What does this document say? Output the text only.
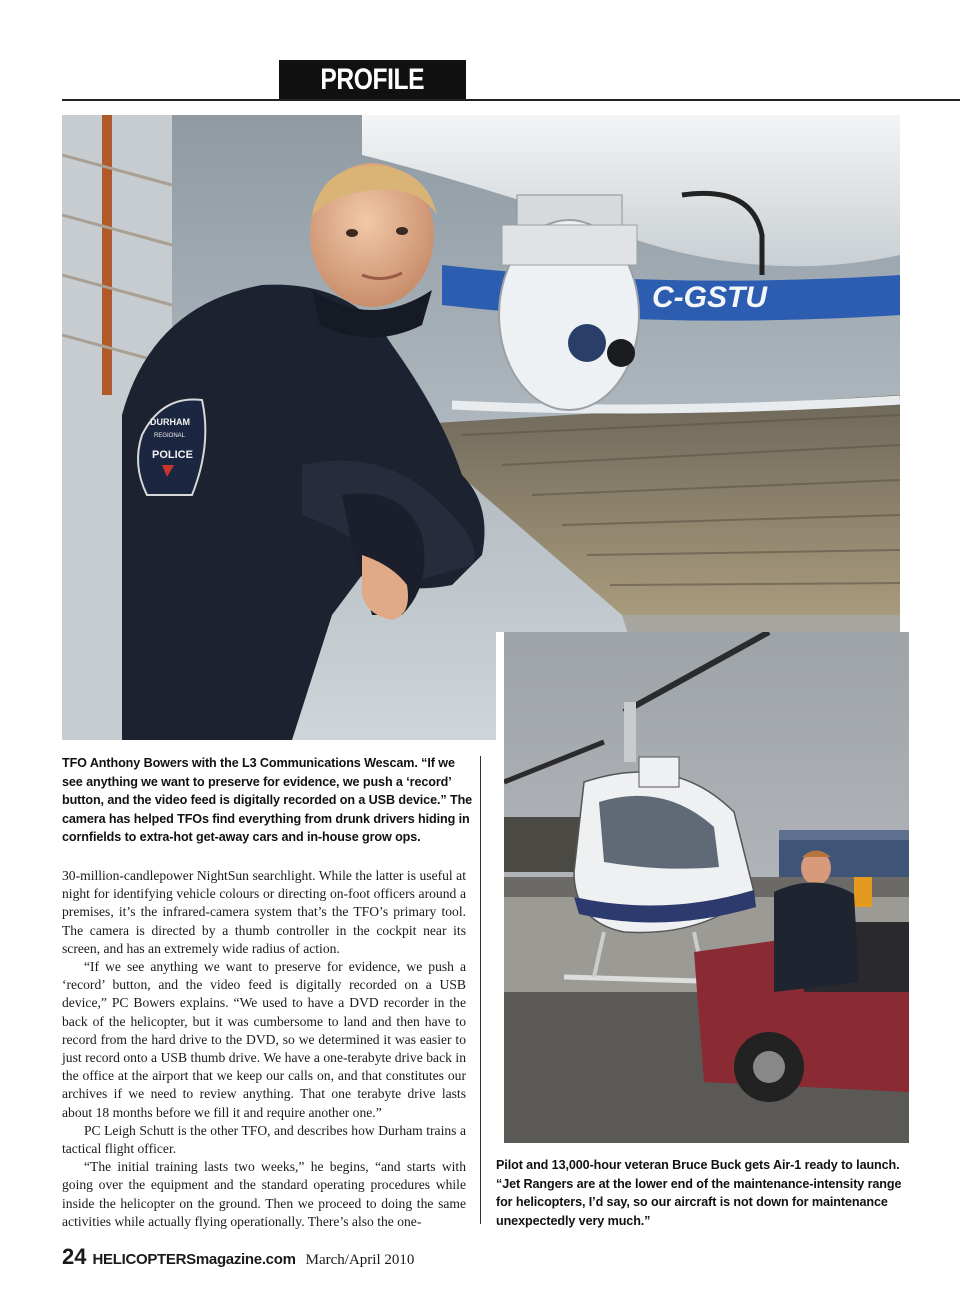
PROFILE
C-GSTU
DURHAM
REGIONAL
POLICE
TFO Anthony Bowers with the L3 Communications Wescam. “If we see anything we want to preserve for evidence, we push a ‘record’ button, and the video feed is digitally recorded on a USB device.” The camera has helped TFOs find everything from drunk drivers hiding in cornfields to extra-hot get-away cars and in-house grow ops.

30-million-candlepower NightSun searchlight. While the latter is useful at night for identifying vehicle colours or directing on-foot officers around a premises, it’s the infrared-camera system that’s the TFO’s primary tool. The camera is directed by a thumb controller in the cockpit near its screen, and has an extremely wide radius of action.

“If we see anything we want to preserve for evidence, we push a ‘record’ button, and the video feed is digitally recorded on a USB device,” PC Bowers explains. “We used to have a DVD recorder in the back of the helicopter, but it was cumbersome to land and then have to record from the hard drive to the DVD, so we determined it was easier to just record onto a USB thumb drive. We have a one-terabyte drive back in the office at the airport that we keep our calls on, and that constitutes our archives if we need to review anything. That one terabyte drive lasts about 18 months before we fill it and require another one.”

PC Leigh Schutt is the other TFO, and describes how Durham trains a tactical flight officer.

“The initial training lasts two weeks,” he begins, “and starts with going over the equipment and the standard operating procedures while inside the helicopter on the ground. Then we proceed to doing the same activities while actually flying operationally. There’s also the one-

Pilot and 13,000-hour veteran Bruce Buck gets Air-1 ready to launch. “Jet Rangers are at the lower end of the maintenance-intensity range for helicopters, I’d say, so our aircraft is not down for maintenance unexpectedly very much.”
24 HELICOPTERSmagazine.com March/April 2010
